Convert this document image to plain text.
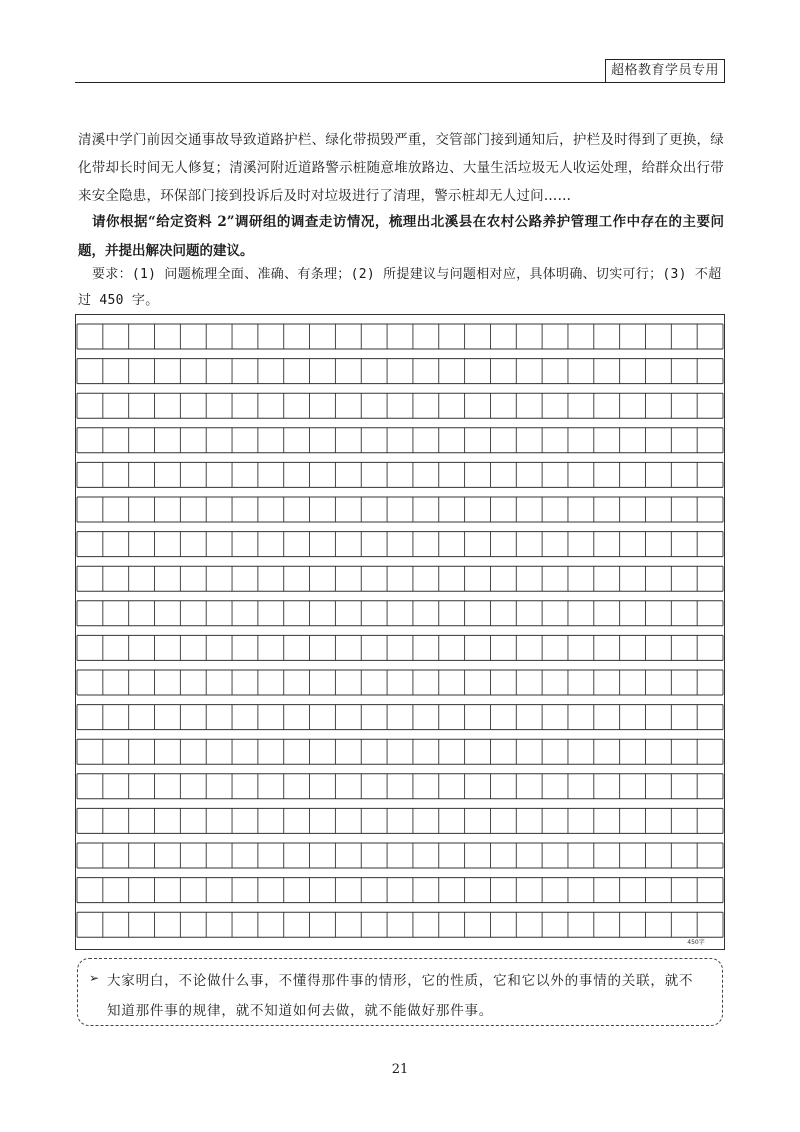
超格教育学员专用
清溪中学门前因交通事故导致道路护栏、绿化带损毁严重，交管部门接到通知后，护栏及时得到了更换，绿化带却长时间无人修复；清溪河附近道路警示桩随意堆放路边、大量生活垃圾无人收运处理，给群众出行带来安全隐患，环保部门接到投诉后及时对垃圾进行了清理，警示桩却无人过问……
请你根据“给定资料 2”调研组的调查走访情况，梳理出北溪县在农村公路养护管理工作中存在的主要问题，并提出解决问题的建议。
要求：(1) 问题梳理全面、准确、有条理；(2) 所提建议与问题相对应，具体明确、切实可行；(3) 不超过 450 字。
450字
➢ 大家明白，不论做什么事，不懂得那件事的情形，它的性质，它和它以外的事情的关联，就不知道那件事的规律，就不知道如何去做，就不能做好那件事。
21
